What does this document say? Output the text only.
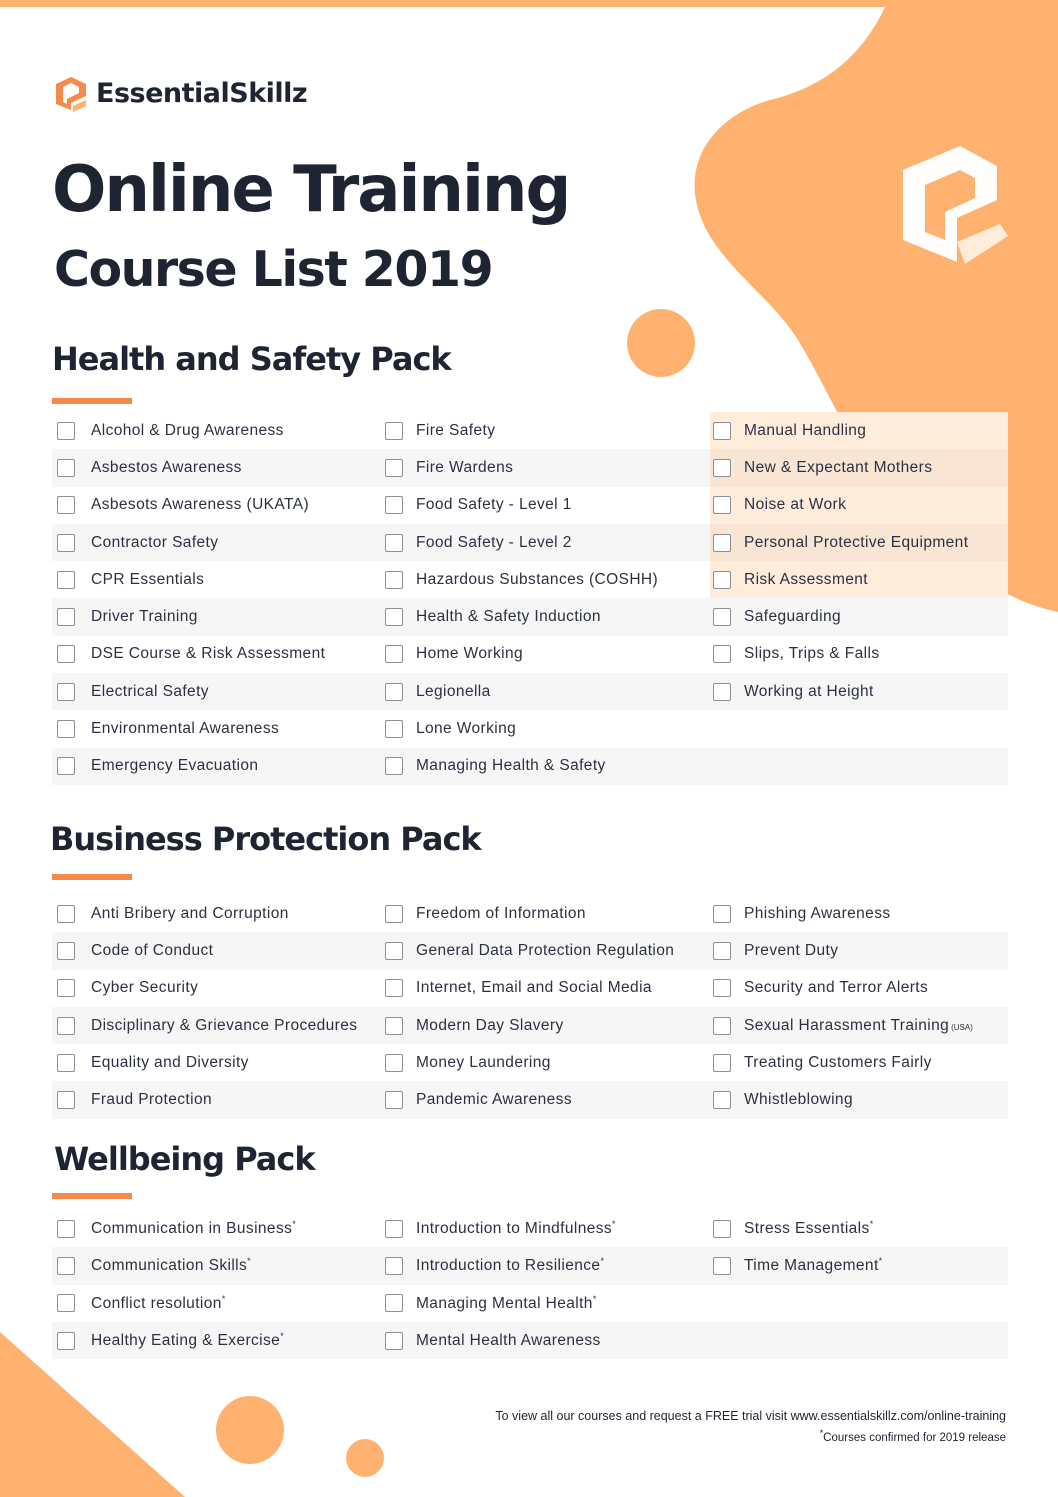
EssentialSkillz
Online Training
Course List 2019
Health and Safety Pack
Alcohol & Drug Awareness	Fire Safety	Manual Handling
Asbestos Awareness	Fire Wardens	New & Expectant Mothers
Asbesots Awareness (UKATA)	Food Safety - Level 1	Noise at Work
Contractor Safety	Food Safety - Level 2	Personal Protective Equipment
CPR Essentials	Hazardous Substances (COSHH)	Risk Assessment
Driver Training	Health & Safety Induction	Safeguarding
DSE Course & Risk Assessment	Home Working	Slips, Trips & Falls
Electrical Safety	Legionella	Working at Height
Environmental Awareness	Lone Working
Emergency Evacuation	Managing Health & Safety
Business Protection Pack
Anti Bribery and Corruption	Freedom of Information	Phishing Awareness
Code of Conduct	General Data Protection Regulation	Prevent Duty
Cyber Security	Internet, Email and Social Media	Security and Terror Alerts
Disciplinary & Grievance Procedures	Modern Day Slavery	Sexual Harassment Training (USA)
Equality and Diversity	Money Laundering	Treating Customers Fairly
Fraud Protection	Pandemic Awareness	Whistleblowing
Wellbeing Pack
Communication in Business*	Introduction to Mindfulness*	Stress Essentials*
Communication Skills*	Introduction to Resilience*	Time Management*
Conflict resolution*	Managing Mental Health*
Healthy Eating & Exercise*	Mental Health Awareness
To view all our courses and request a FREE trial visit www.essentialskillz.com/online-training
*Courses confirmed for 2019 release
